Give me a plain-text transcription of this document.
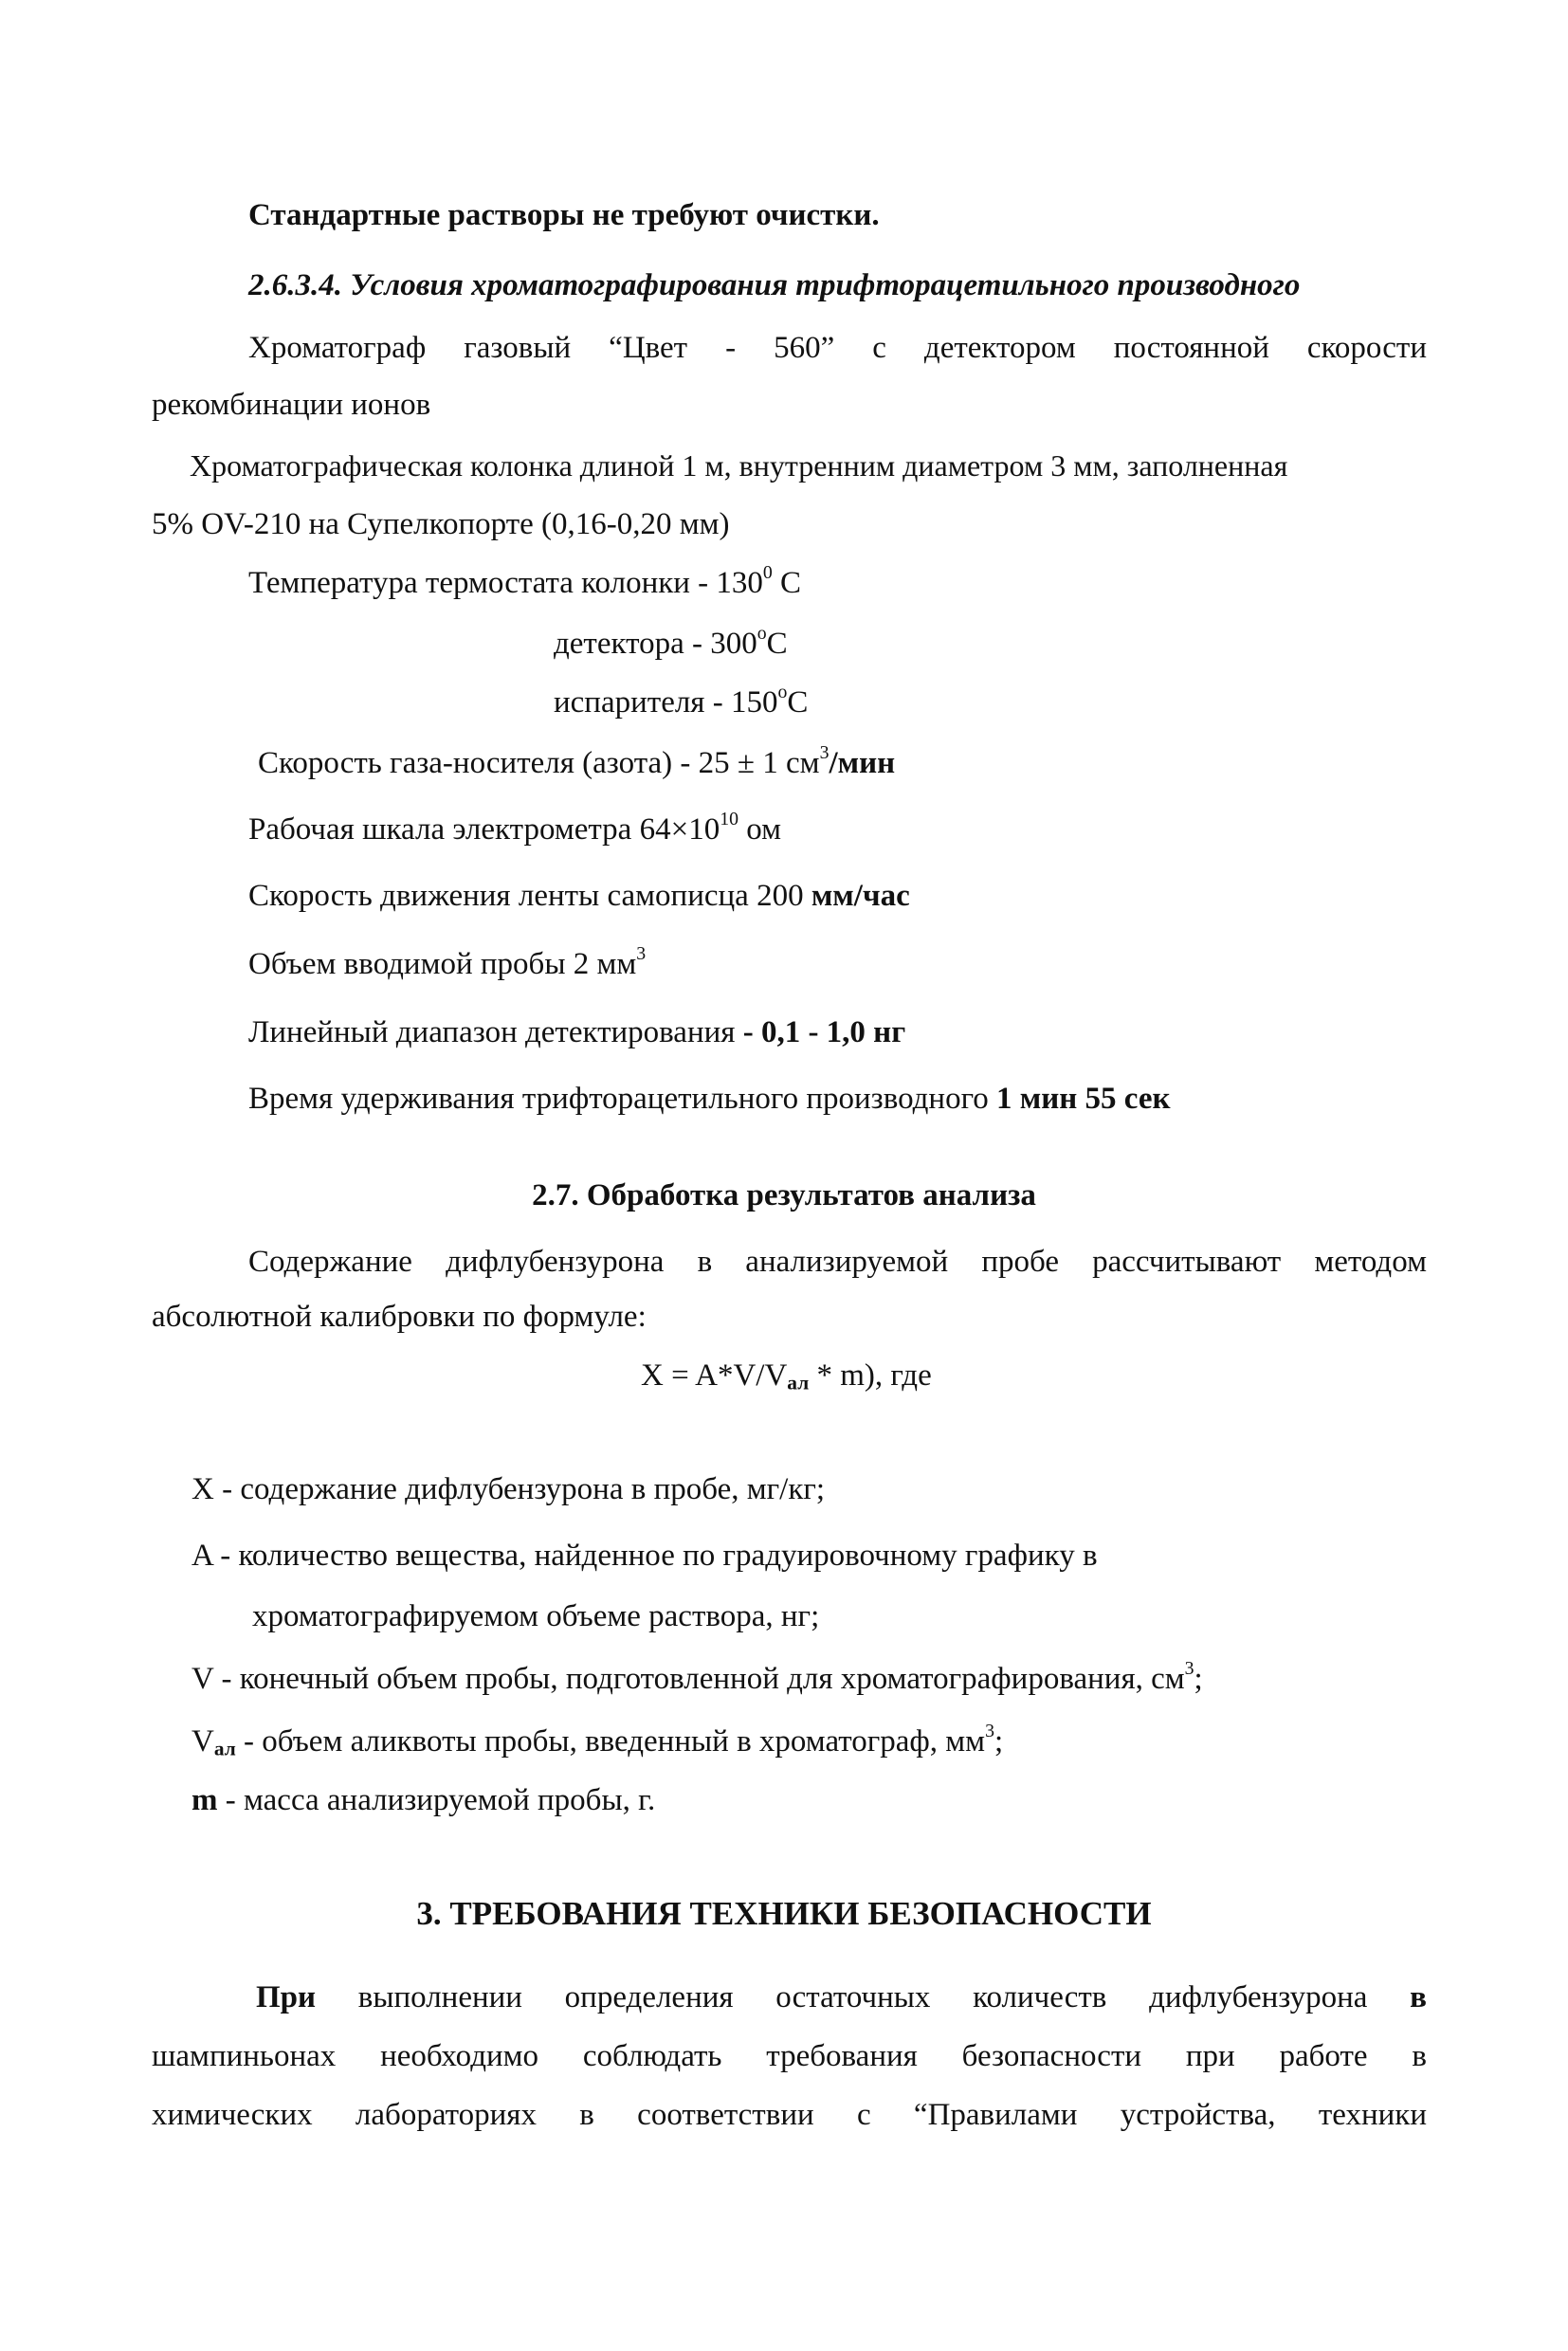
Стандартные растворы не требуют очистки.
2.6.3.4. Условия хроматографирования трифторацетильного производного
Хроматограф газовый “Цвет - 560” с детектором постоянной скорости
рекомбинации ионов
Хроматографическая колонка длиной 1 м, внутренним диаметром 3 мм, заполненная
5% OV-210 на Супелкопорте (0,16-0,20 мм)
Температура термостата колонки - $130^0$ С
детектора - 300$^o$С
испарителя - 150$^o$С
Скорость газа-носителя (азота) - 25 ± 1 $см^3$/мин
Рабочая шкала электрометра $64\times 10^{10}$ ом
Скорость движения ленты самописца 200 мм/час
Объем вводимой пробы 2 $мм^3$
Линейный диапазон детектирования - 0,1 - 1,0 нг
Время удерживания трифторацетильного производного 1 мин 55 сек
2.7. Обработка результатов анализа
Содержание дифлубензурона в анализируемой пробе рассчитывают методом
абсолютной калибровки по формуле:
$X = A*V/V_{ал} * m$), где
X - содержание дифлубензурона в пробе, мг/кг;
A - количество вещества, найденное по градуировочному графику в
хроматографируемом объеме раствора, нг;
V - конечный объем пробы, подготовленной для хроматографирования, $см^3$;
$V_{ал}$ - объем аликвоты пробы, введенный в хроматограф, $мм^3$;
m - масса анализируемой пробы, г.
3. ТРЕБОВАНИЯ ТЕХНИКИ БЕЗОПАСНОСТИ
При выполнении определения остаточных количеств дифлубензурона в
шампиньонах необходимо соблюдать требования безопасности при работе в
химических лабораториях в соответствии с “Правилами устройства, техники
